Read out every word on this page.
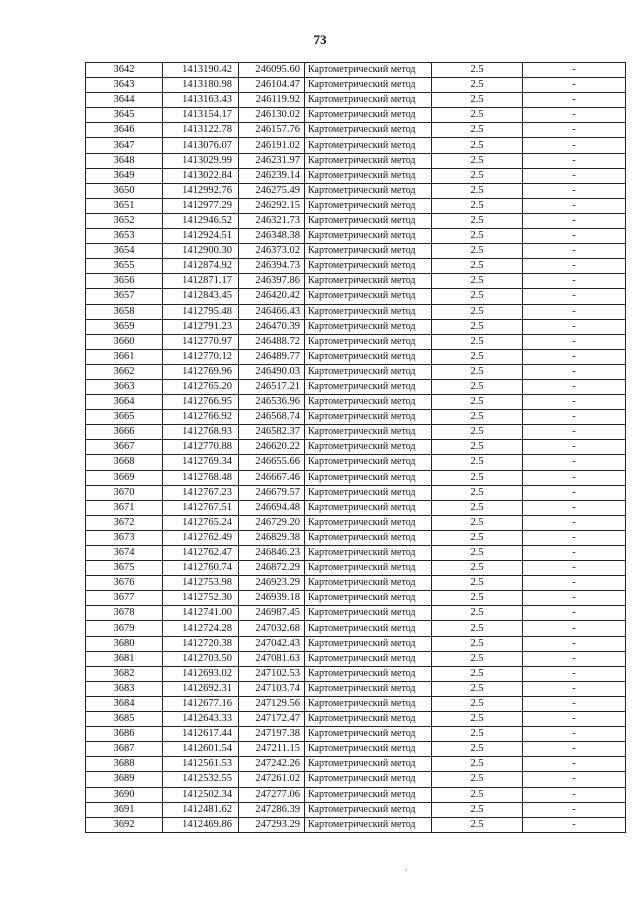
73
3642	1413190.42	246095.60	Картометрический метод	2.5	-
3643	1413180.98	246104.47	Картометрический метод	2.5	-
3644	1413163.43	246119.92	Картометрический метод	2.5	-
3645	1413154.17	246130.02	Картометрический метод	2.5	-
3646	1413122.78	246157.76	Картометрический метод	2.5	-
3647	1413076.07	246191.02	Картометрический метод	2.5	-
3648	1413029.99	246231.97	Картометрический метод	2.5	-
3649	1413022.84	246239.14	Картометрический метод	2.5	-
3650	1412992.76	246275.49	Картометрический метод	2.5	-
3651	1412977.29	246292.15	Картометрический метод	2.5	-
3652	1412946.52	246321.73	Картометрический метод	2.5	-
3653	1412924.51	246348.38	Картометрический метод	2.5	-
3654	1412900.30	246373.02	Картометрический метод	2.5	-
3655	1412874.92	246394.73	Картометрический метод	2.5	-
3656	1412871.17	246397.86	Картометрический метод	2.5	-
3657	1412843.45	246420.42	Картометрический метод	2.5	-
3658	1412795.48	246466.43	Картометрический метод	2.5	-
3659	1412791.23	246470.39	Картометрический метод	2.5	-
3660	1412770.97	246488.72	Картометрический метод	2.5	-
3661	1412770.12	246489.77	Картометрический метод	2.5	-
3662	1412769.96	246490.03	Картометрический метод	2.5	-
3663	1412765.20	246517.21	Картометрический метод	2.5	-
3664	1412766.95	246536.96	Картометрический метод	2.5	-
3665	1412766.92	246568.74	Картометрический метод	2.5	-
3666	1412768.93	246582.37	Картометрический метод	2.5	-
3667	1412770.88	246620.22	Картометрический метод	2.5	-
3668	1412769.34	246655.66	Картометрический метод	2.5	-
3669	1412768.48	246667.46	Картометрический метод	2.5	-
3670	1412767.23	246679.57	Картометрический метод	2.5	-
3671	1412767.51	246694.48	Картометрический метод	2.5	-
3672	1412765.24	246729.20	Картометрический метод	2.5	-
3673	1412762.49	246829.38	Картометрический метод	2.5	-
3674	1412762.47	246846.23	Картометрический метод	2.5	-
3675	1412760.74	246872.29	Картометрический метод	2.5	-
3676	1412753.98	246923.29	Картометрический метод	2.5	-
3677	1412752.30	246939.18	Картометрический метод	2.5	-
3678	1412741.00	246987.45	Картометрический метод	2.5	-
3679	1412724.28	247032.68	Картометрический метод	2.5	-
3680	1412720.38	247042.43	Картометрический метод	2.5	-
3681	1412703.50	247081.63	Картометрический метод	2.5	-
3682	1412693.02	247102.53	Картометрический метод	2.5	-
3683	1412692.31	247103.74	Картометрический метод	2.5	-
3684	1412677.16	247129.56	Картометрический метод	2.5	-
3685	1412643.33	247172.47	Картометрический метод	2.5	-
3686	1412617.44	247197.38	Картометрический метод	2.5	-
3687	1412601.54	247211.15	Картометрический метод	2.5	-
3688	1412561.53	247242.26	Картометрический метод	2.5	-
3689	1412532.55	247261.02	Картометрический метод	2.5	-
3690	1412502.34	247277.06	Картометрический метод	2.5	-
3691	1412481.62	247286.39	Картометрический метод	2.5	-
3692	1412469.86	247293.29	Картометрический метод	2.5	-
,
